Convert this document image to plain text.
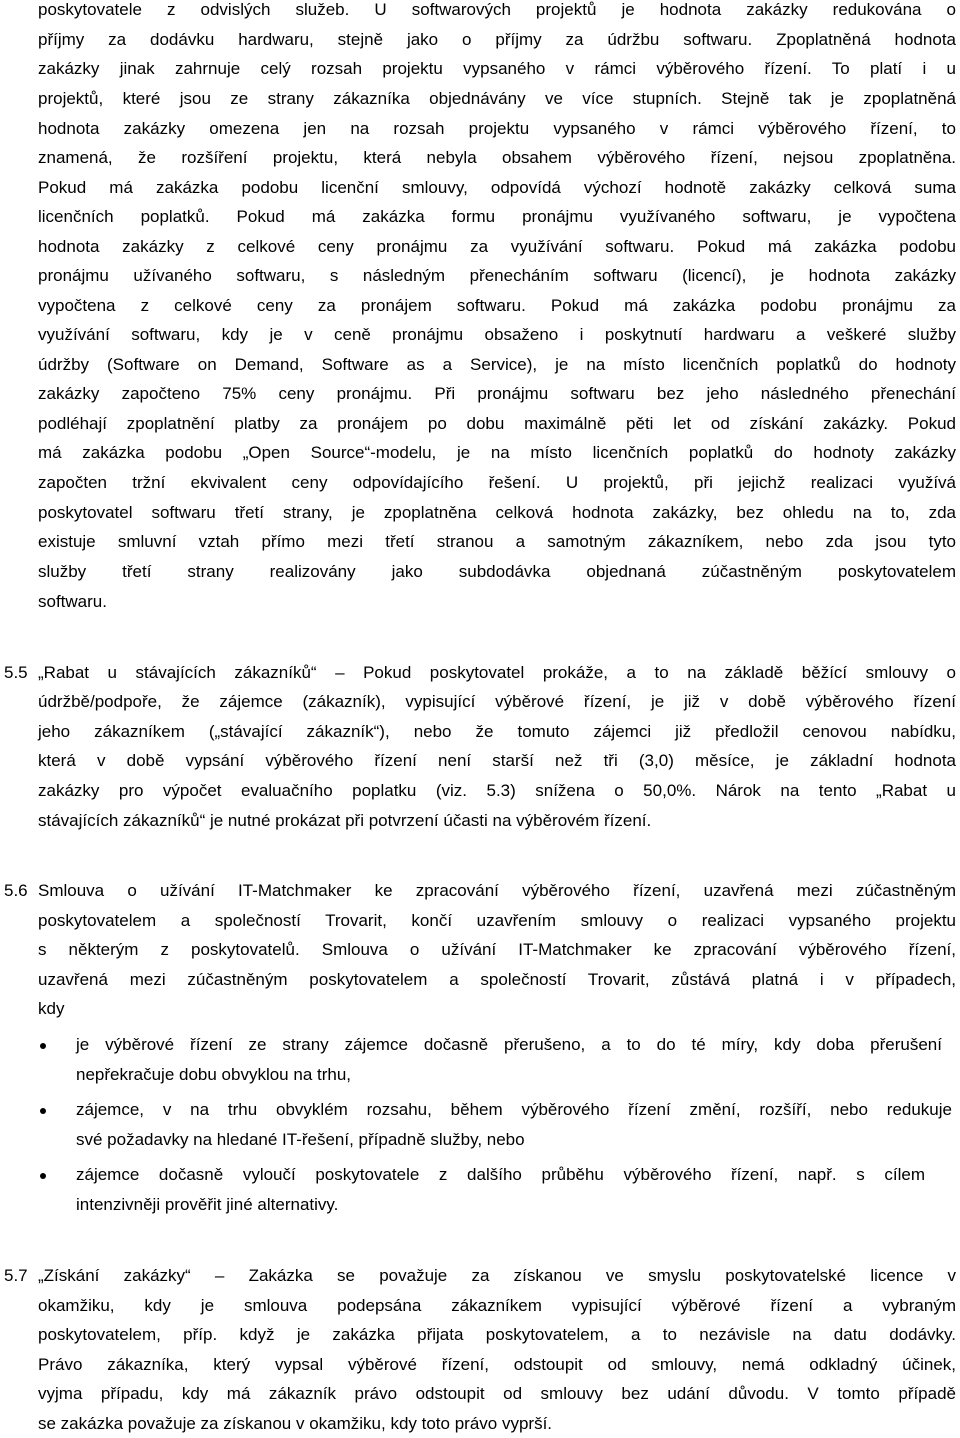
poskytovatele z odvislých služeb. U softwarových projektů je hodnota zakázky redukována o

příjmy za dodávku hardwaru, stejně jako o příjmy za údržbu softwaru. Zpoplatněná hodnota

zakázky jinak zahrnuje celý rozsah projektu vypsaného v rámci výběrového řízení. To platí i u

projektů, které jsou ze strany zákazníka objednávány ve více stupních. Stejně tak je zpoplatněná

hodnota zakázky omezena jen na rozsah projektu vypsaného v rámci výběrového řízení, to

znamená, že rozšíření projektu, která nebyla obsahem výběrového řízení, nejsou zpoplatněna.

Pokud má zakázka podobu licenční smlouvy, odpovídá výchozí hodnotě zakázky celková suma

licenčních poplatků. Pokud má zakázka formu pronájmu využívaného softwaru, je vypočtena

hodnota zakázky z celkové ceny pronájmu za využívání softwaru. Pokud má zakázka podobu

pronájmu užívaného softwaru, s následným přenecháním softwaru (licencí), je hodnota zakázky

vypočtena z celkové ceny za pronájem softwaru. Pokud má zakázka podobu pronájmu za

využívání softwaru, kdy je v ceně pronájmu obsaženo i poskytnutí hardwaru a veškeré služby

údržby (Software on Demand, Software as a Service), je na místo licenčních poplatků do hodnoty

zakázky započteno 75% ceny pronájmu. Při pronájmu softwaru bez jeho následného přenechání

podléhají zpoplatnění platby za pronájem po dobu maximálně pěti let od získání zakázky. Pokud

má zakázka podobu „Open Source“-modelu, je na místo licenčních poplatků do hodnoty zakázky

započten tržní ekvivalent ceny odpovídajícího řešení. U projektů, při jejichž realizaci využívá

poskytovatel softwaru třetí strany, je zpoplatněna celková hodnota zakázky, bez ohledu na to, zda

existuje smluvní vztah přímo mezi třetí stranou a samotným zákazníkem, nebo zda jsou tyto

služby třetí strany realizovány jako subdodávka objednaná zúčastněným poskytovatelem

softwaru.

5.5 „Rabat u stávajících zákazníků“ – Pokud poskytovatel prokáže, a to na základě běžící smlouvy o

údržbě/podpoře, že zájemce (zákazník), vypisující výběrové řízení, je již v době výběrového řízení

jeho zákazníkem („stávající zákazník“), nebo že tomuto zájemci již předložil cenovou nabídku,

která v době vypsání výběrového řízení není starší než tři (3,0) měsíce, je základní hodnota

zakázky pro výpočet evaluačního poplatku (viz. 5.3) snížena o 50,0%. Nárok na tento „Rabat u

stávajících zákazníků“ je nutné prokázat při potvrzení účasti na výběrovém řízení.

5.6 Smlouva o užívání IT-Matchmaker ke zpracování výběrového řízení, uzavřená mezi zúčastněným

poskytovatelem a společností Trovarit, končí uzavřením smlouvy o realizaci vypsaného projektu

s některým z poskytovatelů. Smlouva o užívání IT-Matchmaker ke zpracování výběrového řízení,

uzavřená mezi zúčastněným poskytovatelem a společností Trovarit, zůstává platná i v případech,

kdy

je výběrové řízení ze strany zájemce dočasně přerušeno, a to do té míry, kdy doba přerušení

nepřekračuje dobu obvyklou na trhu,

zájemce, v na trhu obvyklém rozsahu, během výběrového řízení změní, rozšíří, nebo redukuje

své požadavky na hledané IT-řešení, případně služby, nebo

zájemce dočasně vyloučí poskytovatele z dalšího průběhu výběrového řízení, např. s cílem

intenzivněji prověřit jiné alternativy.

5.7 „Získání zakázky“ – Zakázka se považuje za získanou ve smyslu poskytovatelské licence v

okamžiku, kdy je smlouva podepsána zákazníkem vypisující výběrové řízení a vybraným

poskytovatelem, příp. když je zakázka přijata poskytovatelem, a to nezávisle na datu dodávky.

Právo zákazníka, který vypsal výběrové řízení, odstoupit od smlouvy, nemá odkladný účinek,

vyjma případu, kdy má zákazník právo odstoupit od smlouvy bez udání důvodu. V tomto případě

se zakázka považuje za získanou v okamžiku, kdy toto právo vyprší.
